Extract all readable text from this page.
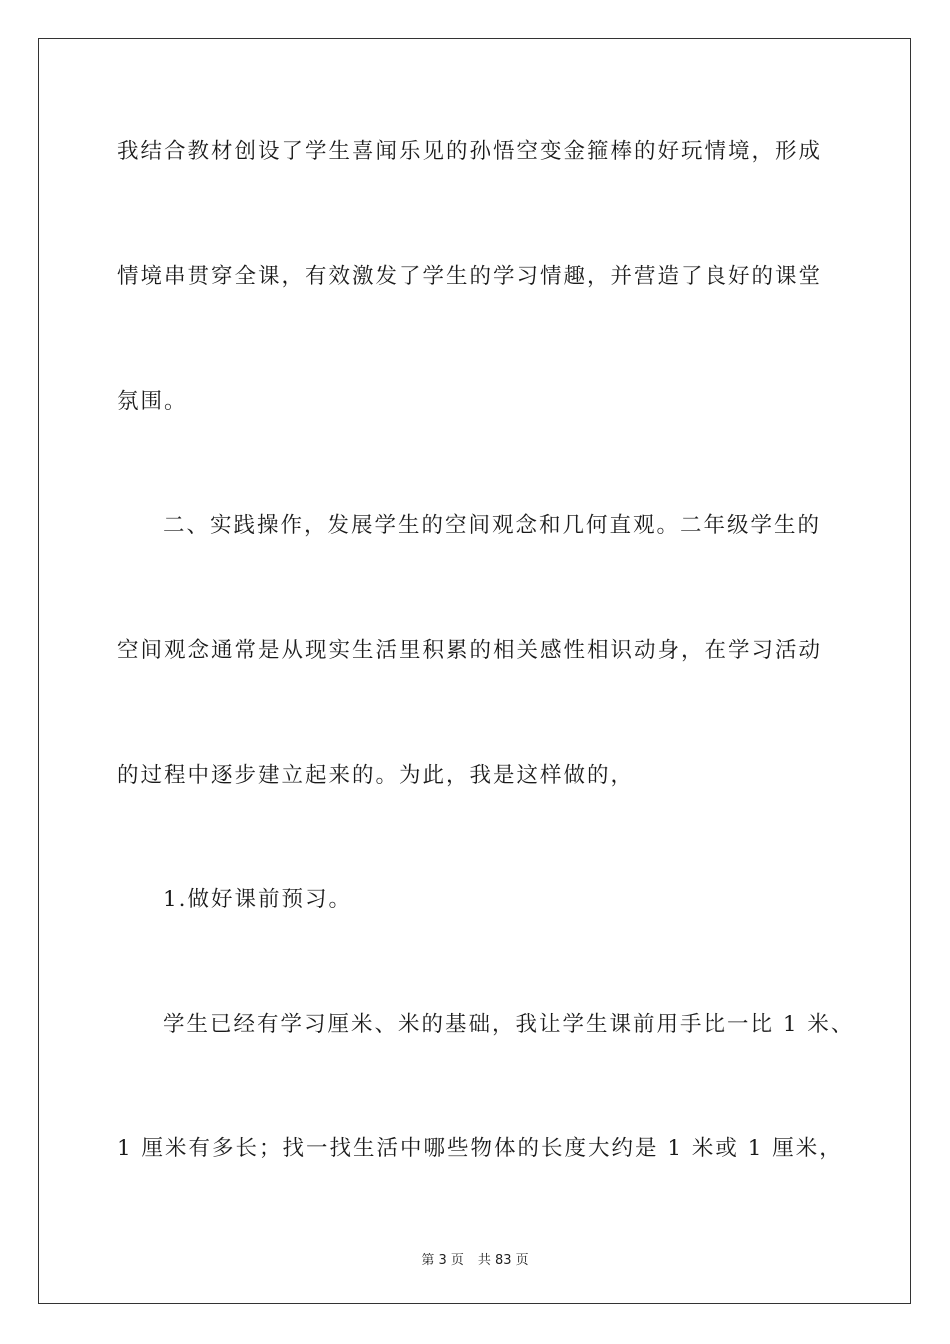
我结合教材创设了学生喜闻乐见的孙悟空变金箍棒的好玩情境，形成
情境串贯穿全课，有效激发了学生的学习情趣，并营造了良好的课堂
氛围。
二、实践操作，发展学生的空间观念和几何直观。二年级学生的
空间观念通常是从现实生活里积累的相关感性相识动身，在学习活动
的过程中逐步建立起来的。为此，我是这样做的，
1.做好课前预习。
学生已经有学习厘米、米的基础，我让学生课前用手比一比 1 米、
1 厘米有多长；找一找生活中哪些物体的长度大约是 1 米或 1 厘米，
第 3 页 共 83 页
